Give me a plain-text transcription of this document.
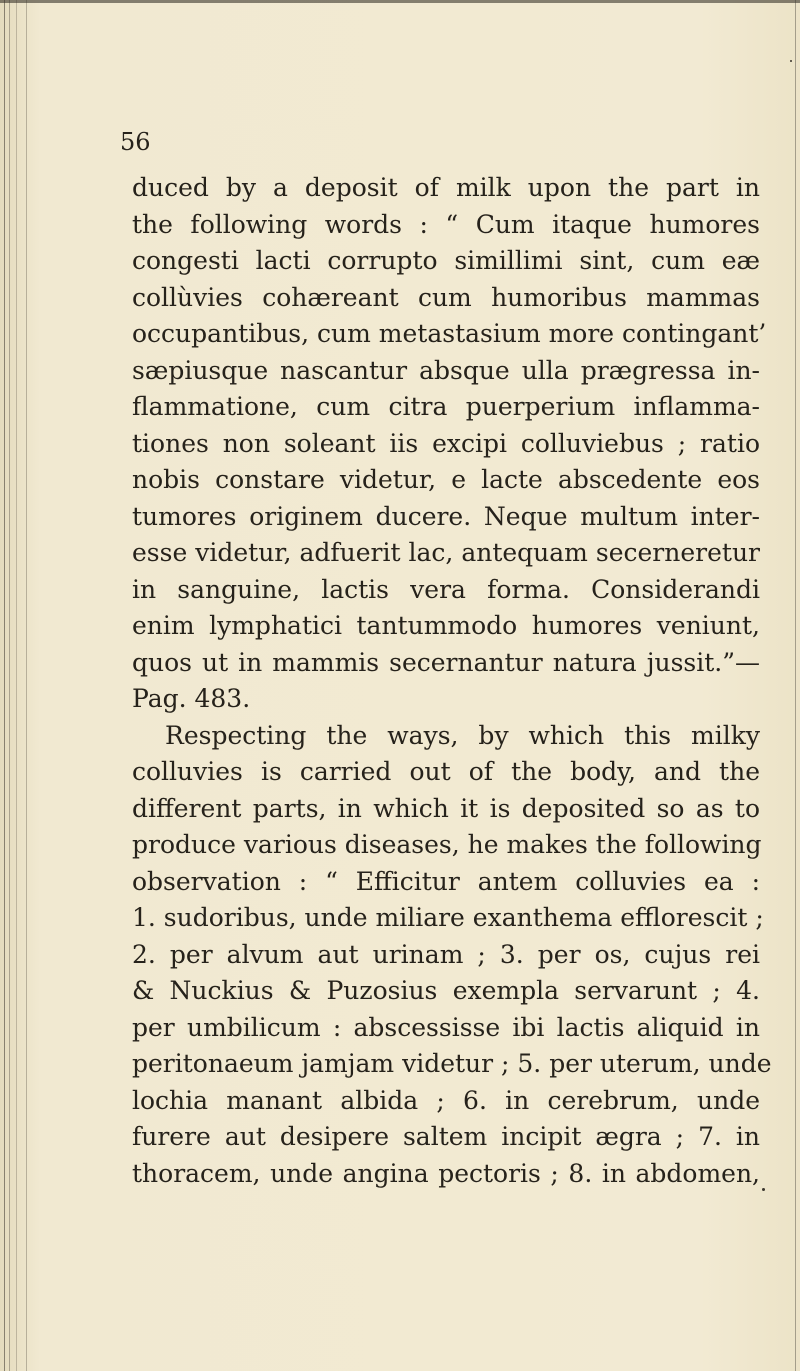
56
duced by a deposit of milk upon the part in
the following words : “ Cum itaque humores
congesti lacti corrupto simillimi sint, cum eæ
collùvies cohæreant cum humoribus mammas
occupantibus, cum metastasium more contingant’
sæpiusque nascantur absque ulla prægressa in-
flammatione, cum citra puerperium inflamma-
tiones non soleant iis excipi colluviebus ; ratio
nobis constare videtur, e lacte abscedente eos
tumores originem ducere. Neque multum inter-
esse videtur, adfuerit lac, antequam secerneretur
in sanguine, lactis vera forma. Considerandi
enim lymphatici tantummodo humores veniunt,
quos ut in mammis secernantur natura jussit.”—
Pag. 483.
Respecting the ways, by which this milky
colluvies is carried out of the body, and the
different parts, in which it is deposited so as to
produce various diseases, he makes the following
observation : “ Efficitur antem colluvies ea :
1. sudoribus, unde miliare exanthema efflorescit ;
2. per alvum aut urinam ; 3. per os, cujus rei
& Nuckius & Puzosius exempla servarunt ; 4.
per umbilicum : abscessisse ibi lactis aliquid in
peritonaeum jamjam videtur ; 5. per uterum, unde
lochia manant albida ; 6. in cerebrum, unde
furere aut desipere saltem incipit ægra ; 7. in
thoracem, unde angina pectoris ; 8. in abdomen,
